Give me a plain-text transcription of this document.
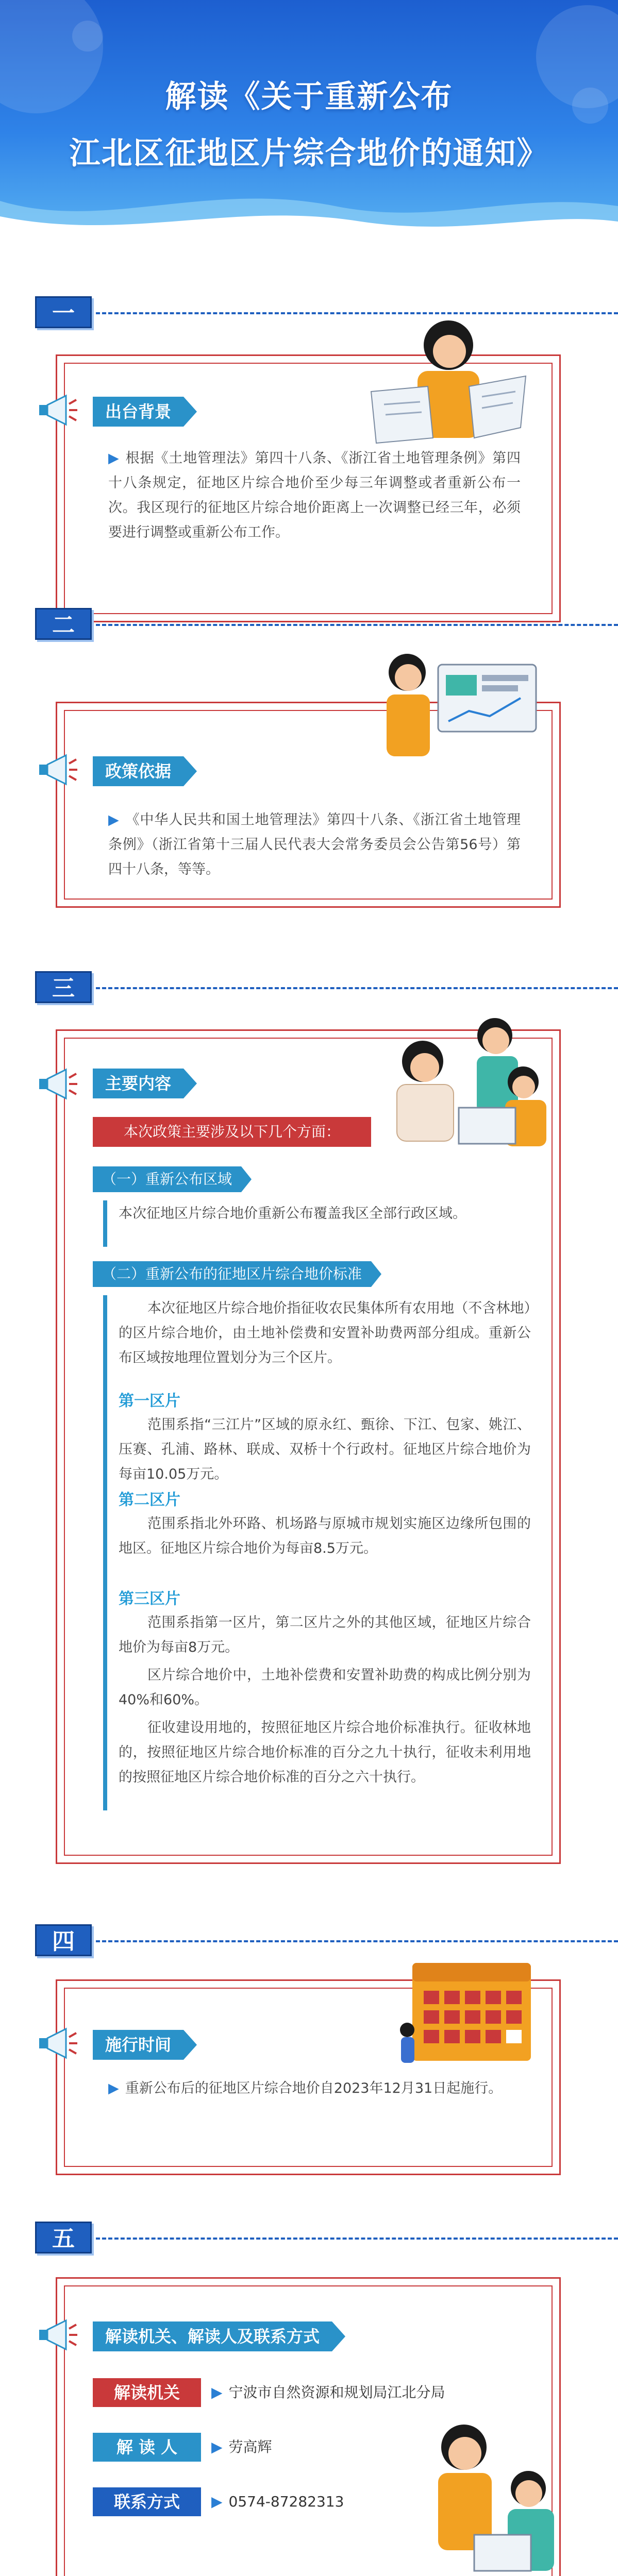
解读《关于重新公布
江北区征地区片综合地价的通知》
一
出台背景
▶ 根据《土地管理法》第四十八条、《浙江省土地管理条例》第四十八条规定，征地区片综合地价至少每三年调整或者重新公布一次。我区现行的征地区片综合地价距离上一次调整已经三年，必须要进行调整或重新公布工作。
二
政策依据
▶ 《中华人民共和国土地管理法》第四十八条、《浙江省土地管理条例》（浙江省第十三届人民代表大会常务委员会公告第56号）第四十八条，等等。
三
主要内容
本次政策主要涉及以下几个方面：
（一）重新公布区域
本次征地区片综合地价重新公布覆盖我区全部行政区域。
（二）重新公布的征地区片综合地价标准
本次征地区片综合地价指征收农民集体所有农用地（不含林地）的区片综合地价，由土地补偿费和安置补助费两部分组成。重新公布区域按地理位置划分为三个区片。
第一区片
范围系指“三江片”区域的原永红、甄徐、下江、包家、姚江、压赛、孔浦、路林、联成、双桥十个行政村。征地区片综合地价为每亩10.05万元。
第二区片
范围系指北外环路、机场路与原城市规划实施区边缘所包围的地区。征地区片综合地价为每亩8.5万元。
第三区片
范围系指第一区片，第二区片之外的其他区域，征地区片综合地价为每亩8万元。
区片综合地价中，土地补偿费和安置补助费的构成比例分别为40%和60%。
征收建设用地的，按照征地区片综合地价标准执行。征收林地的，按照征地区片综合地价标准的百分之九十执行，征收未利用地的按照征地区片综合地价标准的百分之六十执行。
四
施行时间
▶ 重新公布后的征地区片综合地价自2023年12月31日起施行。
五
解读机关、解读人及联系方式
解读机关	▶ 宁波市自然资源和规划局江北分局
解 读 人	▶ 劳高辉
联系方式	▶ 0574-87282313
